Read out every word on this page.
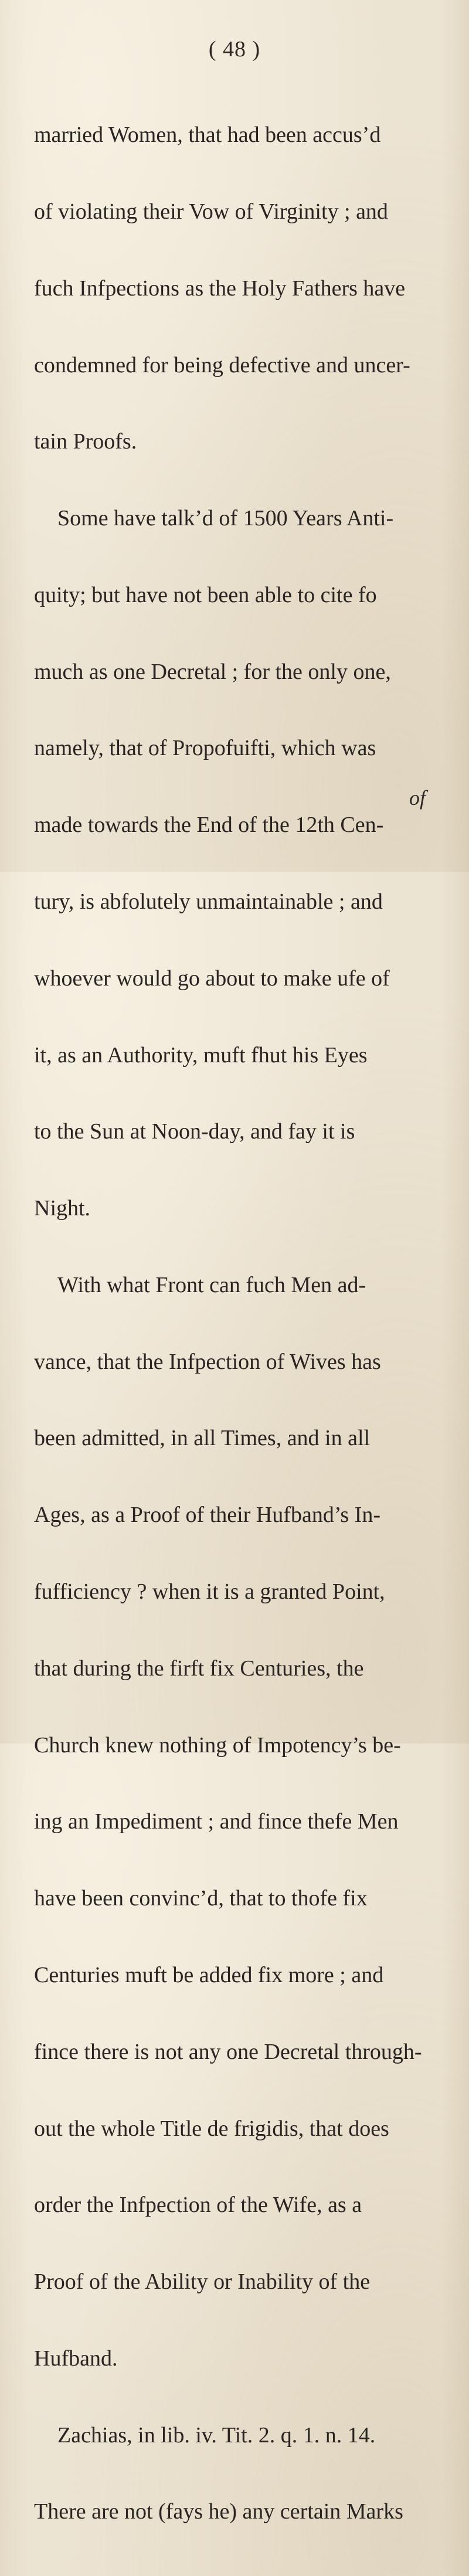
( 48 )

married Women, that had been accus’d

of violating their Vow of Virginity ; and

fuch Infpections as the Holy Fathers have

condemned for being defective and uncer-

tain Proofs.

Some have talk’d of 1500 Years Anti-

quity; but have not been able to cite fo

much as one Decretal ; for the only one,

namely, that of Propofuifti, which was

made towards the End of the 12th Cen-

tury, is abfolutely unmaintainable ; and

whoever would go about to make ufe of

it, as an Authority, muft fhut his Eyes

to the Sun at Noon-day, and fay it is

Night.

With what Front can fuch Men ad-

vance, that the Infpection of Wives has

been admitted, in all Times, and in all

Ages, as a Proof of their Hufband’s In-

fufficiency ? when it is a granted Point,

that during the firft fix Centuries, the

Church knew nothing of Impotency’s be-

ing an Impediment ; and fince thefe Men

have been convinc’d, that to thofe fix

Centuries muft be added fix more ; and

fince there is not any one Decretal through-

out the whole Title de frigidis, that does

order the Infpection of the Wife, as a

Proof of the Ability or Inability of the

Hufband.

Zachias, in lib. iv. Tit. 2. q. 1. n. 14.

There are not (fays he) any certain Marks

of
